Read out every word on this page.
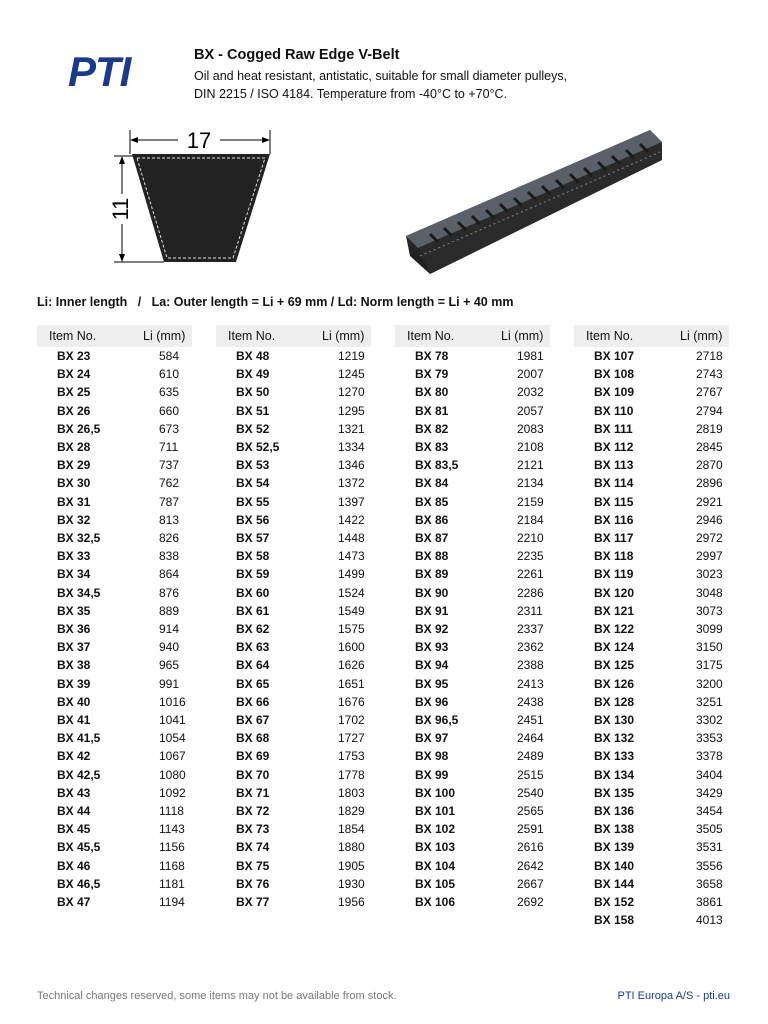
PTI	BX - Cogged Raw Edge V-Belt
Oil and heat resistant, antistatic, suitable for small diameter pulleys,
DIN 2215 / ISO 4184. Temperature from -40°C to +70°C.
17
11
Li: Inner length   /   La: Outer length = Li + 69 mm / Ld: Norm length = Li + 40 mm
Item No.	Li (mm)
BX 23	584
BX 24	610
BX 25	635
BX 26	660
BX 26,5	673
BX 28	711
BX 29	737
BX 30	762
BX 31	787
BX 32	813
BX 32,5	826
BX 33	838
BX 34	864
BX 34,5	876
BX 35	889
BX 36	914
BX 37	940
BX 38	965
BX 39	991
BX 40	1016
BX 41	1041
BX 41,5	1054
BX 42	1067
BX 42,5	1080
BX 43	1092
BX 44	1118
BX 45	1143
BX 45,5	1156
BX 46	1168
BX 46,5	1181
BX 47	1194
Item No.	Li (mm)
BX 48	1219
BX 49	1245
BX 50	1270
BX 51	1295
BX 52	1321
BX 52,5	1334
BX 53	1346
BX 54	1372
BX 55	1397
BX 56	1422
BX 57	1448
BX 58	1473
BX 59	1499
BX 60	1524
BX 61	1549
BX 62	1575
BX 63	1600
BX 64	1626
BX 65	1651
BX 66	1676
BX 67	1702
BX 68	1727
BX 69	1753
BX 70	1778
BX 71	1803
BX 72	1829
BX 73	1854
BX 74	1880
BX 75	1905
BX 76	1930
BX 77	1956
Item No.	Li (mm)
BX 78	1981
BX 79	2007
BX 80	2032
BX 81	2057
BX 82	2083
BX 83	2108
BX 83,5	2121
BX 84	2134
BX 85	2159
BX 86	2184
BX 87	2210
BX 88	2235
BX 89	2261
BX 90	2286
BX 91	2311
BX 92	2337
BX 93	2362
BX 94	2388
BX 95	2413
BX 96	2438
BX 96,5	2451
BX 97	2464
BX 98	2489
BX 99	2515
BX 100	2540
BX 101	2565
BX 102	2591
BX 103	2616
BX 104	2642
BX 105	2667
BX 106	2692
Item No.	Li (mm)
BX 107	2718
BX 108	2743
BX 109	2767
BX 110	2794
BX 111	2819
BX 112	2845
BX 113	2870
BX 114	2896
BX 115	2921
BX 116	2946
BX 117	2972
BX 118	2997
BX 119	3023
BX 120	3048
BX 121	3073
BX 122	3099
BX 124	3150
BX 125	3175
BX 126	3200
BX 128	3251
BX 130	3302
BX 132	3353
BX 133	3378
BX 134	3404
BX 135	3429
BX 136	3454
BX 138	3505
BX 139	3531
BX 140	3556
BX 144	3658
BX 152	3861
BX 158	4013
Technical changes reserved, some items may not be available from stock.	PTI Europa A/S - pti.eu
